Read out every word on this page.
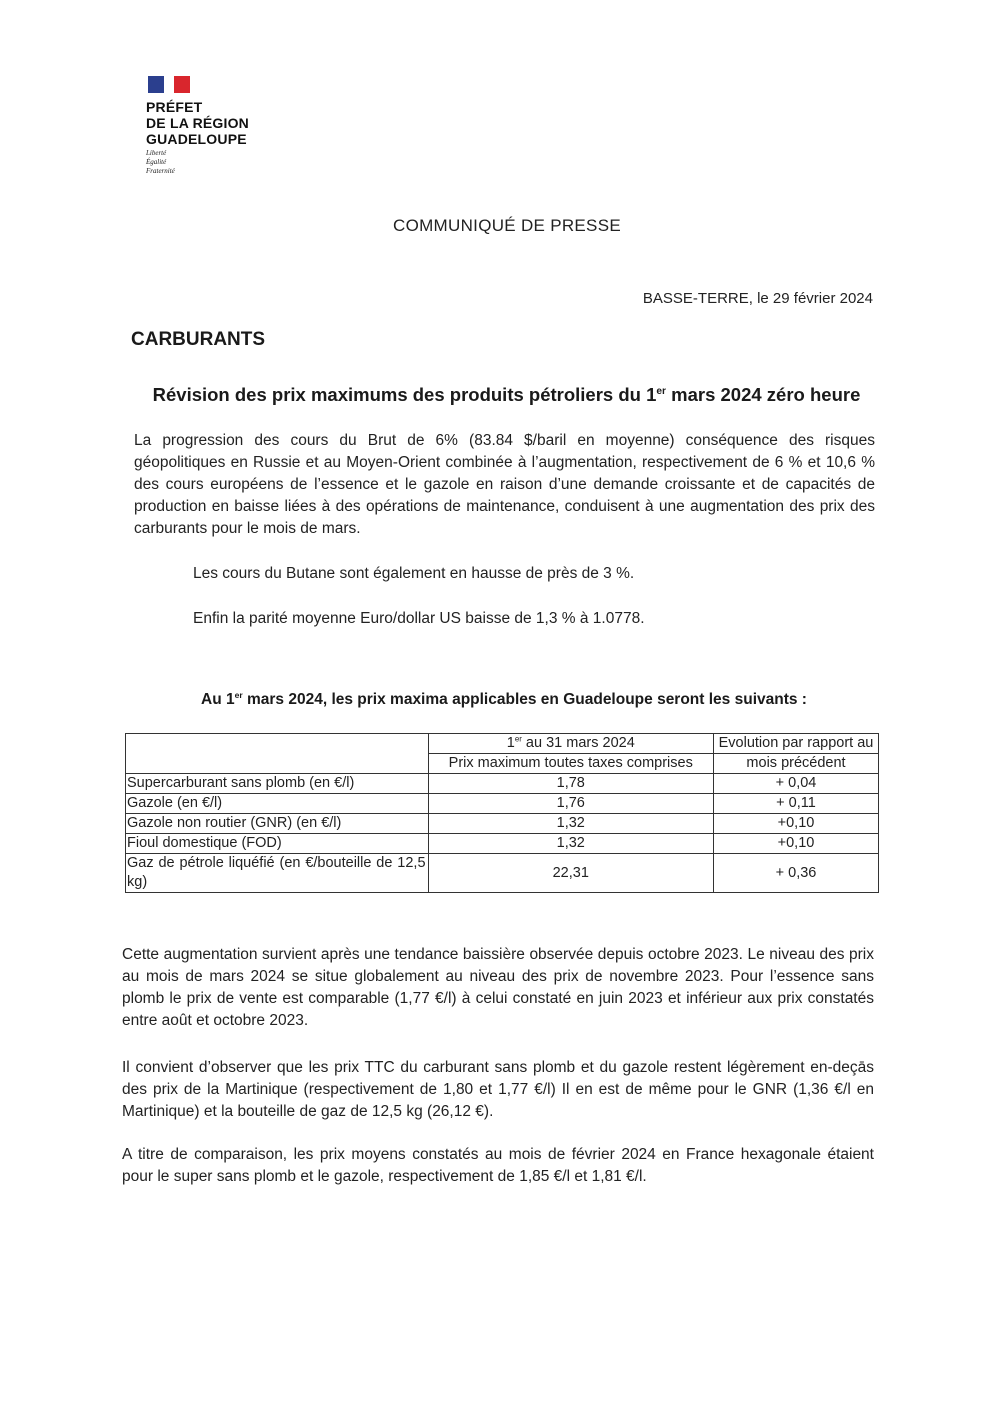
PRÉFET
DE LA RÉGION
GUADELOUPE
Liberté
Égalité
Fraternité
COMMUNIQUÉ DE PRESSE
BASSE-TERRE, le 29 février 2024
CARBURANTS
Révision des prix maximums des produits pétroliers du 1er mars 2024 zéro heure
La progression des cours du Brut de 6% (83.84 $/baril en moyenne) conséquence des risques géopolitiques en Russie et au Moyen-Orient combinée à l’augmentation, respectivement de 6 % et 10,6 % des cours européens de l’essence et le gazole en raison d’une demande croissante et de capacités de production en baisse liées à des opérations de maintenance, conduisent à une augmentation des prix des carburants pour le mois de mars.
Les cours du Butane sont également en hausse de près de 3 %.
Enfin la parité moyenne Euro/dollar US baisse de 1,3 % à 1.0778.
Au 1er mars 2024, les prix maxima applicables en Guadeloupe seront les suivants :
	1er au 31 mars 2024	Evolution par rapport au
	Prix maximum toutes taxes comprises	mois précédent
Supercarburant sans plomb (en €/l)	1,78	+ 0,04
Gazole (en €/l)	1,76	+ 0,11
Gazole non routier (GNR) (en €/l)	1,32	+0,10
Fioul domestique (FOD)	1,32	+0,10
Gaz de pétrole liquéfié (en €/bouteille de 12,5 kg)	22,31	+ 0,36
Cette augmentation survient après une tendance baissière observée depuis octobre 2023. Le niveau des prix au mois de mars 2024 se situe globalement au niveau des prix de novembre 2023. Pour l’essence sans plomb le prix de vente est comparable (1,77 €/l) à celui constaté en juin 2023 et inférieur aux prix constatés entre août et octobre 2023.
Il convient d’observer que les prix TTC du carburant sans plomb et du gazole restent légèrement en-deçās des prix de la Martinique (respectivement de 1,80 et 1,77 €/l) Il en est de même pour le GNR (1,36 €/l en Martinique) et la bouteille de gaz de 12,5 kg (26,12 €).
A titre de comparaison, les prix moyens constatés au mois de février 2024 en France hexagonale étaient pour le super sans plomb et le gazole, respectivement de 1,85 €/l et 1,81 €/l.
